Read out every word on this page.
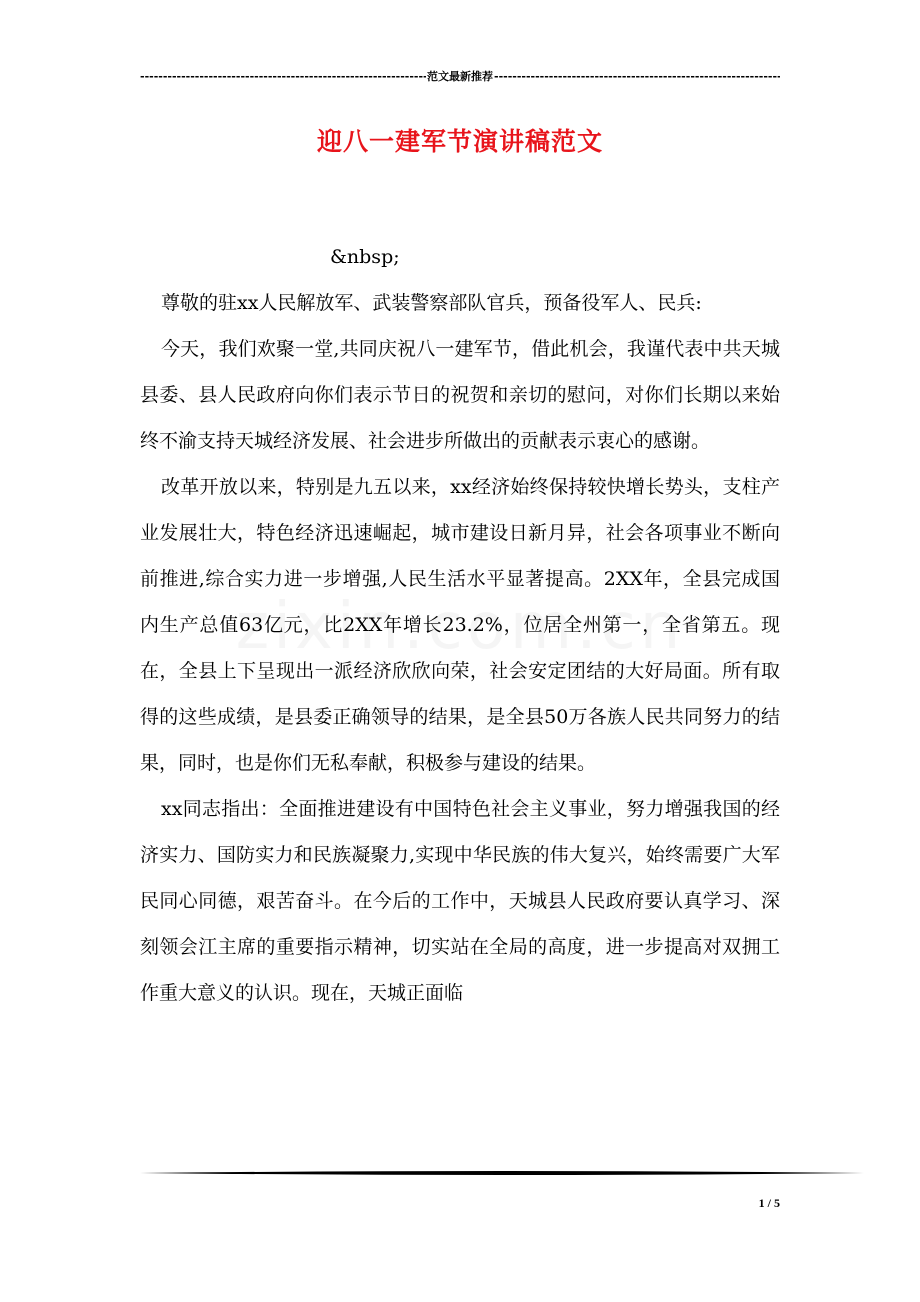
-----
范文最新推荐
-----
迎八一建军节演讲稿范文

&nbsp;

尊敬的驻xx人民解放军、武装警察部队官兵，预备役军人、民兵:

今天，我们欢聚一堂,共同庆祝八一建军节，借此机会，我谨代表中共天城县委、县人民政府向你们表示节日的祝贺和亲切的慰问，对你们长期以来始终不渝支持天城经济发展、社会进步所做出的贡献表示衷心的感谢。

改革开放以来，特别是九五以来，xx经济始终保持较快增长势头，支柱产业发展壮大，特色经济迅速崛起，城市建设日新月异，社会各项事业不断向前推进,综合实力进一步增强,人民生活水平显著提高。2XX年，全县完成国内生产总值63亿元，比2XX年增长23.2%，位居全州第一，全省第五。现在，全县上下呈现出一派经济欣欣向荣，社会安定团结的大好局面。所有取得的这些成绩，是县委正确领导的结果，是全县50万各族人民共同努力的结果，同时，也是你们无私奉献，积极参与建设的结果。

xx同志指出：全面推进建设有中国特色社会主义事业，努力增强我国的经济实力、国防实力和民族凝聚力,实现中华民族的伟大复兴，始终需要广大军民同心同德，艰苦奋斗。在今后的工作中，天城县人民政府要认真学习、深刻领会江主席的重要指示精神，切实站在全局的高度，进一步提高对双拥工作重大意义的认识。现在，天城正面临

1 / 5
